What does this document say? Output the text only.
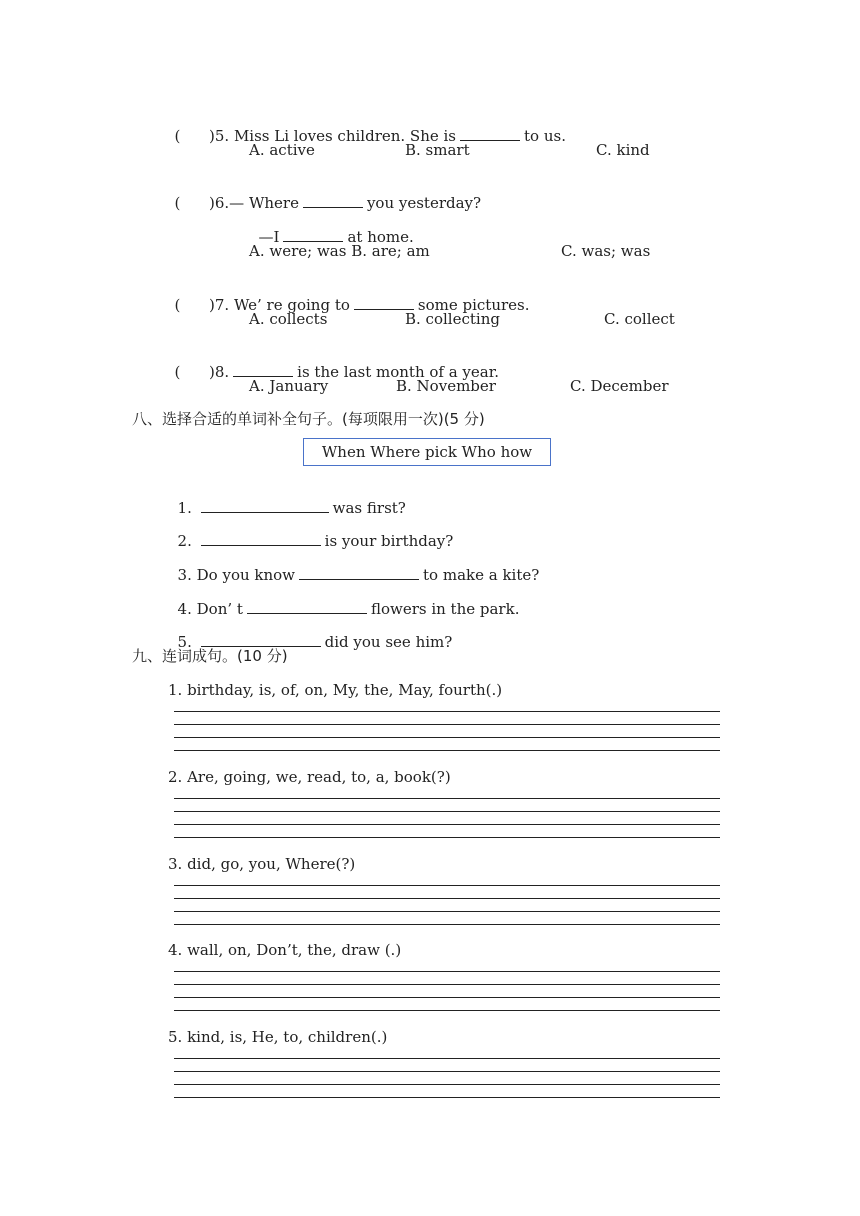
(      )5. Miss Li loves children. She is	to us.

A. active	B. smart	C. kind

(      )6.— Where	you yesterday?

—I	at home.

A. were; was B. are; am	C. was; was

(      )7. We’ re going to	some pictures.

A. collects	B. collecting	C. collect

(      )8.	is the last month of a year.

A. January	B. November	C. December
八、选择合适的单词补全句子。(每项限用一次)(5 分)
When Where pick Who how

1.	was first?

2.	is your birthday?

3. Do you know	to make a kite?

4. Don’ t	flowers in the park.

5.	did you see him?

九、连词成句。(10 分)
1. birthday, is, of, on, My, the, May, fourth(.)
2. Are, going, we, read, to, a, book(?)
3. did, go, you, Where(?)
4. wall, on, Don’t, the, draw (.)
5. kind, is, He, to, children(.)
